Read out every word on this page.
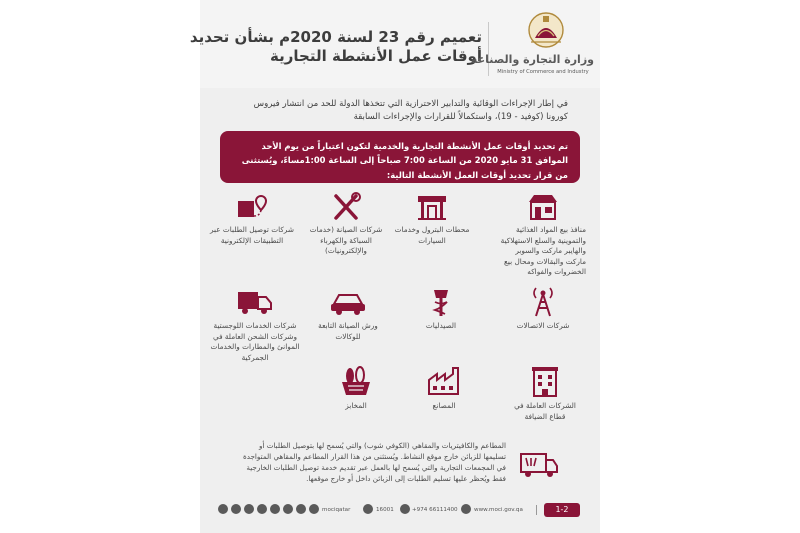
تعميم رقم 23 لسنة 2020م بشأن تحديد
أوقات عمل الأنشطة التجارية
وزارة التجارة والصناعة
Ministry of Commerce and Industry
في إطار الإجراءات الوقائية والتدابير الاحترازية التي تتخذها الدولة للحد من انتشار فيروس كورونا (كوفيد - 19)، واستكمالاً للقرارات والإجراءات السابقة
تم تحديد أوقات عمل الأنشطة التجارية والخدمية لتكون اعتباراً من يوم الأحد الموافق 31 مايو 2020 من الساعة 7:00 صباحاً إلى الساعة 1:00مساءً، ويُستثنى من قرار تحديد أوقات العمل الأنشطة التالية:
منافذ بيع المواد الغذائية والتموينية والسلع الاستهلاكية والهايبر ماركت والسوبر ماركت والبقالات ومحال بيع الخضروات والفواكه
محطات البترول وخدمات السيارات
شركات الصيانة (خدمات السباكة والكهرباء والإلكترونيات)
شركات توصيل الطلبات عبر التطبيقات الإلكترونية
شركات الاتصالات
الصيدليات
ورش الصيانة التابعة للوكالات
شركات الخدمات اللوجستية وشركات الشحن العاملة في الموانئ والمطارات والخدمات الجمركية
الشركات العاملة في قطاع الضيافة
المصانع
المخابز
المطاعم والكافيتريات والمقاهي (الكوفي شوب) والتي يُسمح لها بتوصيل الطلبات أو تسليمها للزبائن خارج موقع النشاط. ويُستثنى من هذا القرار المطاعم والمقاهي المتواجدة في المجمعات التجارية والتي يُسمح لها بالعمل عبر تقديم خدمة توصيل الطلبات الخارجية فقط ويُحظر عليها تسليم الطلبات إلى الزبائن داخل أو خارج موقعها.
1-2
www.moci.gov.qa
+974 66111400
16001
mociqatar
